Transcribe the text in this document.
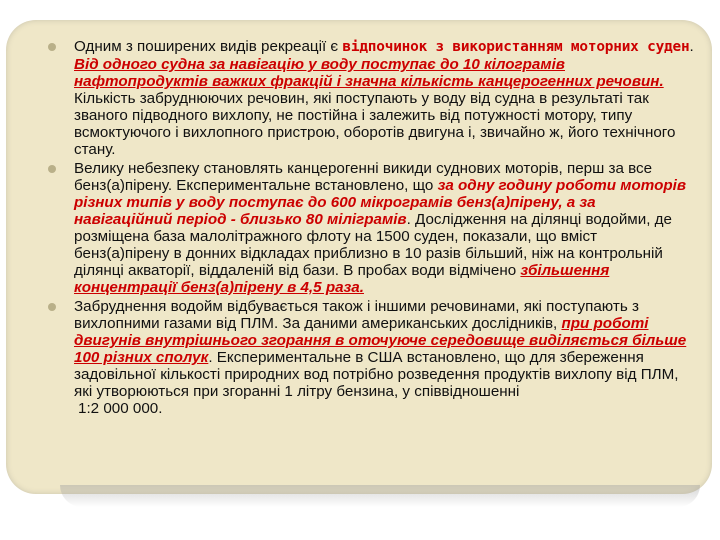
Одним з поширених видів рекреації є відпочинок з використанням моторних суден. Від одного судна за навігацію у воду поступає до 10 кілограмів нафтопродуктів важких фракцій і значна кількість канцерогенних речовин. Кількість забруднюючих речовин, які поступають у воду від судна в результаті так званого підводного вихлопу, не постійна і залежить від потужності мотору, типу всмоктуючого і вихлопного пристрою, оборотів двигуна і, звичайно ж, його технічного стану.
Велику небезпеку становлять канцерогенні викиди суднових моторів, перш за все бенз(а)пірену. Експериментальне встановлено, що за одну годину роботи моторів різних типів у воду поступає до 600 мікрограмів бенз(а)пірену, а за навігаційний період - близько 80 міліграмів. Дослідження на ділянці водойми, де розміщена база малолітражного флоту на 1500 суден, показали, що вміст бенз(а)пірену в донних відкладах приблизно в 10 разів більший, ніж на контрольній ділянці акваторії, віддаленій від бази. В пробах води відмічено збільшення концентрації бенз(а)пірену в 4,5 раза.
Забруднення водойм відбувається також і іншими речовинами, які поступають з вихлопними газами від ПЛМ. За даними американських дослідників, при роботі двигунів внутрішнього згорання в оточуюче середовище виділяється більше 100 різних сполук. Експериментальне в США встановлено, що для збереження задовільної кількості природних вод потрібно розведення продуктів вихлопу від ПЛМ, які утворюються при згоранні 1 літру бензина, у співвідношенні
1:2 000 000.
